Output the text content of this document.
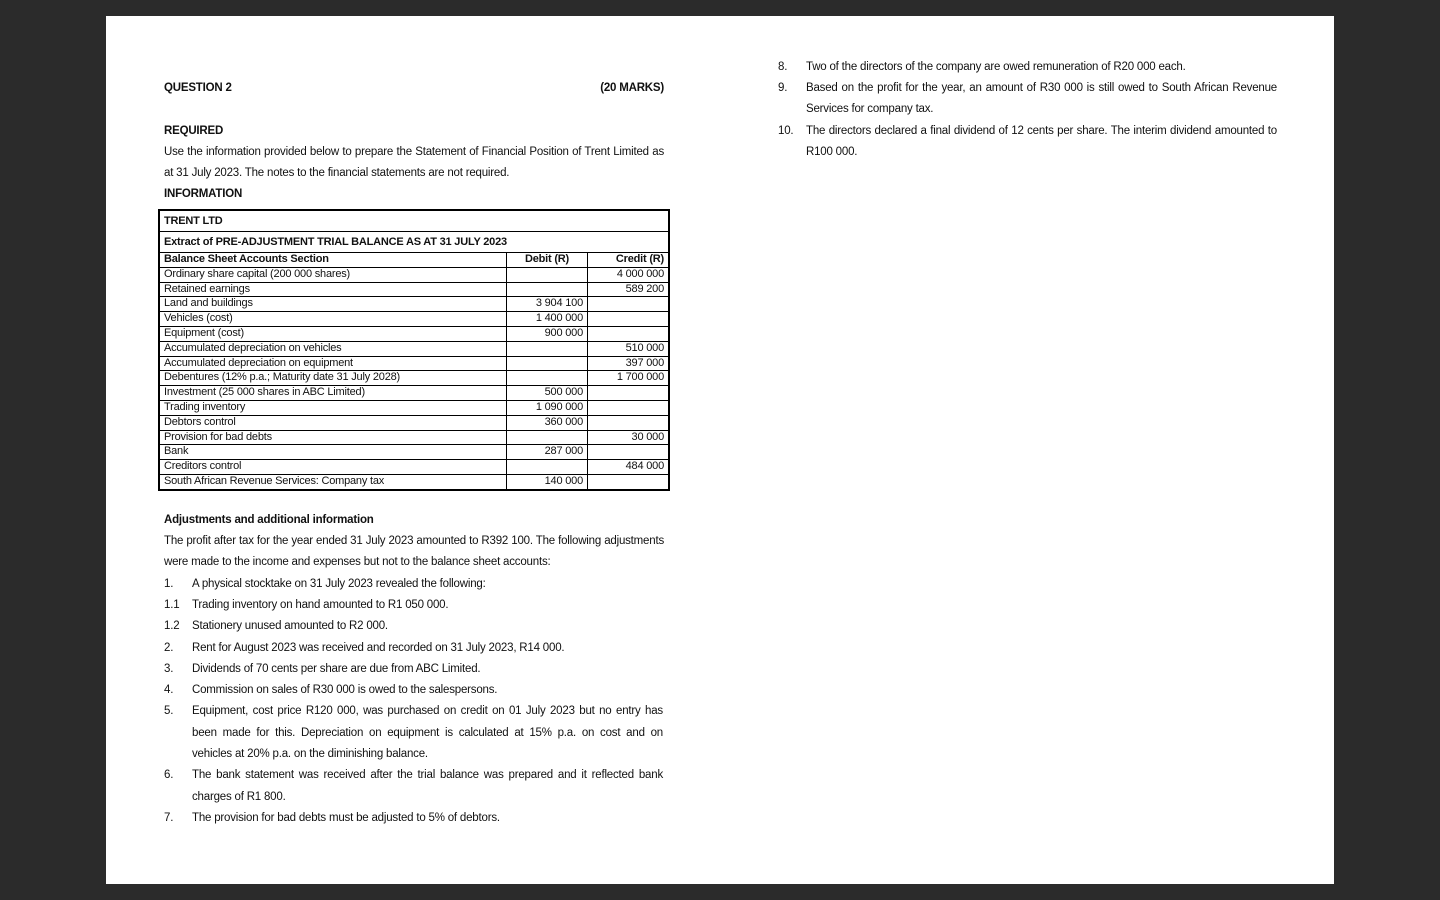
QUESTION 2	(20 MARKS)
REQUIRED
Use the information provided below to prepare the Statement of Financial Position of Trent Limited as at 31 July 2023. The notes to the financial statements are not required.
INFORMATION
TRENT LTD		
Extract of PRE-ADJUSTMENT TRIAL BALANCE AS AT 31 JULY 2023		
Balance Sheet Accounts Section	Debit (R)	Credit (R)
Ordinary share capital (200 000 shares)		4 000 000
Retained earnings		589 200
Land and buildings	3 904 100	
Vehicles (cost)	1 400 000	
Equipment (cost)	900 000	
Accumulated depreciation on vehicles		510 000
Accumulated depreciation on equipment		397 000
Debentures (12% p.a.; Maturity date 31 July 2028)		1 700 000
Investment (25 000 shares in ABC Limited)	500 000	
Trading inventory	1 090 000	
Debtors control	360 000	
Provision for bad debts		30 000
Bank	287 000	
Creditors control		484 000
South African Revenue Services: Company tax	140 000	
Adjustments and additional information
The profit after tax for the year ended 31 July 2023 amounted to R392 100. The following adjustments were made to the income and expenses but not to the balance sheet accounts:
1. A physical stocktake on 31 July 2023 revealed the following:
1.1 Trading inventory on hand amounted to R1 050 000.
1.2 Stationery unused amounted to R2 000.
2. Rent for August 2023 was received and recorded on 31 July 2023, R14 000.
3. Dividends of 70 cents per share are due from ABC Limited.
4. Commission on sales of R30 000 is owed to the salespersons.
5. Equipment, cost price R120 000, was purchased on credit on 01 July 2023 but no entry has been made for this. Depreciation on equipment is calculated at 15% p.a. on cost and on vehicles at 20% p.a. on the diminishing balance.
6. The bank statement was received after the trial balance was prepared and it reflected bank charges of R1 800.
7. The provision for bad debts must be adjusted to 5% of debtors.
8. Two of the directors of the company are owed remuneration of R20 000 each.
9. Based on the profit for the year, an amount of R30 000 is still owed to South African Revenue Services for company tax.
10. The directors declared a final dividend of 12 cents per share. The interim dividend amounted to R100 000.
